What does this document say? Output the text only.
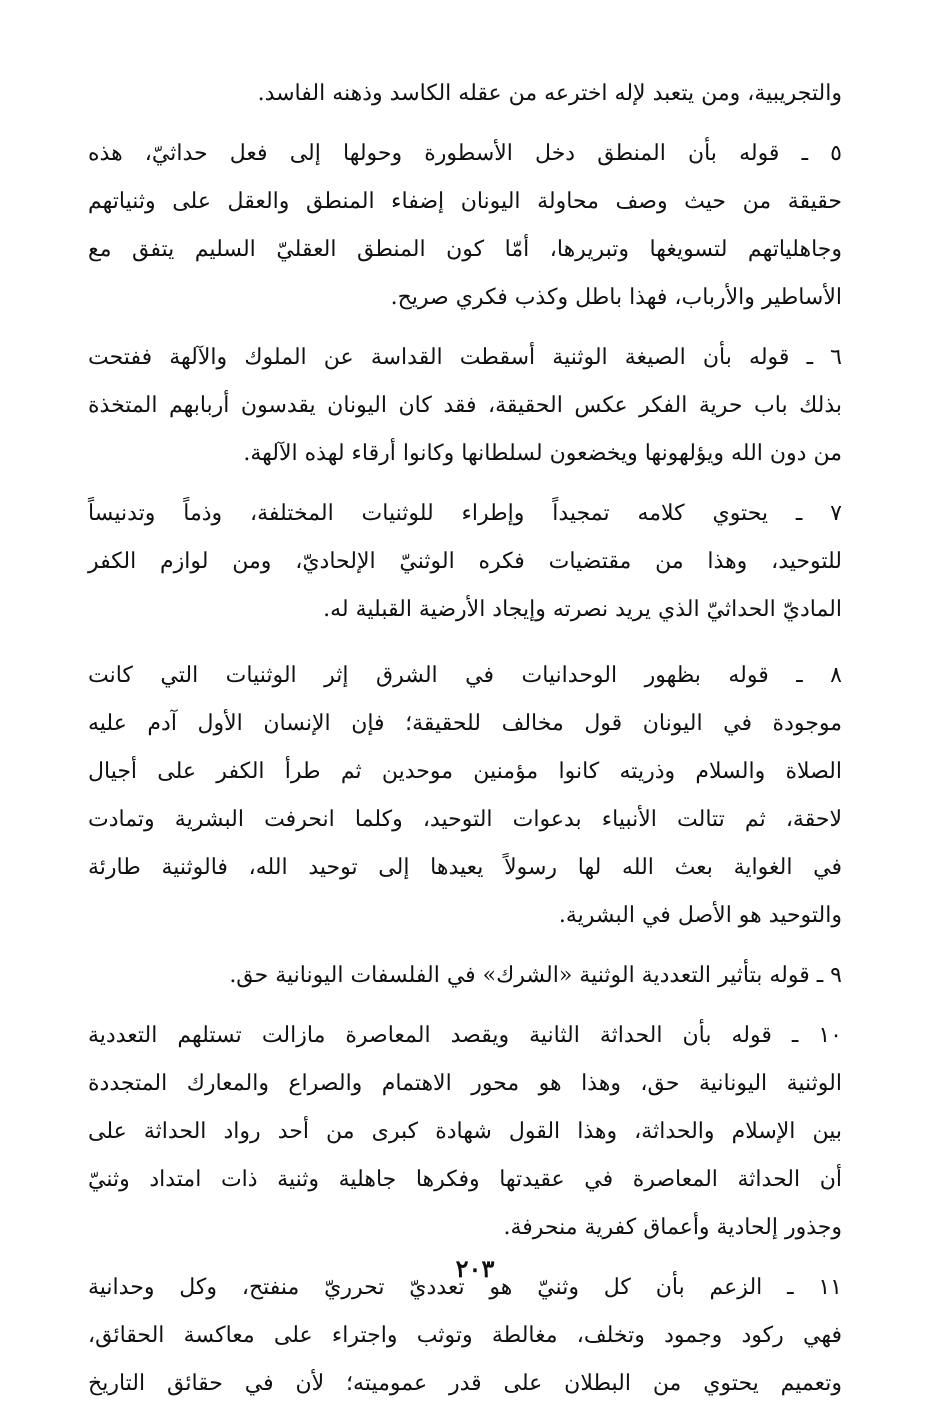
والتجريبية، ومن يتعبد لإله اخترعه من عقله الكاسد وذهنه الفاسد.
٥ ـ قوله بأن المنطق دخل الأسطورة وحولها إلى فعل حداثيّ، هذه
حقيقة من حيث وصف محاولة اليونان إضفاء المنطق والعقل على وثنياتهم
وجاهلياتهم لتسويغها وتبريرها، أمّا كون المنطق العقليّ السليم يتفق مع
الأساطير والأرباب، فهذا باطل وكذب فكري صريح.
٦ ـ قوله بأن الصيغة الوثنية أسقطت القداسة عن الملوك والآلهة ففتحت
بذلك باب حرية الفكر عكس الحقيقة، فقد كان اليونان يقدسون أربابهم المتخذة
من دون الله ويؤلهونها ويخضعون لسلطانها وكانوا أرقاء لهذه الآلهة.
٧ ـ يحتوي كلامه تمجيداً وإطراء للوثنيات المختلفة، وذماً وتدنيساً
للتوحيد، وهذا من مقتضيات فكره الوثنيّ الإلحاديّ، ومن لوازم الكفر
الماديّ الحداثيّ الذي يريد نصرته وإيجاد الأرضية القبلية له.
٨ ـ قوله بظهور الوحدانيات في الشرق إثر الوثنيات التي كانت
موجودة في اليونان قول مخالف للحقيقة؛ فإن الإنسان الأول آدم عليه
الصلاة والسلام وذريته كانوا مؤمنين موحدين ثم طرأ الكفر على أجيال
لاحقة، ثم تتالت الأنبياء بدعوات التوحيد، وكلما انحرفت البشرية وتمادت
في الغواية بعث الله لها رسولاً يعيدها إلى توحيد الله، فالوثنية طارئة
والتوحيد هو الأصل في البشرية.
٩ ـ قوله بتأثير التعددية الوثنية «الشرك» في الفلسفات اليونانية حق.
١٠ ـ قوله بأن الحداثة الثانية ويقصد المعاصرة مازالت تستلهم التعددية
الوثنية اليونانية حق، وهذا هو محور الاهتمام والصراع والمعارك المتجددة
بين الإسلام والحداثة، وهذا القول شهادة كبرى من أحد رواد الحداثة على
أن الحداثة المعاصرة في عقيدتها وفكرها جاهلية وثنية ذات امتداد وثنيّ
وجذور إلحادية وأعماق كفرية منحرفة.
١١ ـ الزعم بأن كل وثنيّ هو تعدديّ تحرريّ منفتح، وكل وحدانية
فهي ركود وجمود وتخلف، مغالطة وتوثب واجتراء على معاكسة الحقائق،
وتعميم يحتوي من البطلان على قدر عموميته؛ لأن في حقائق التاريخ
٢٠٣
